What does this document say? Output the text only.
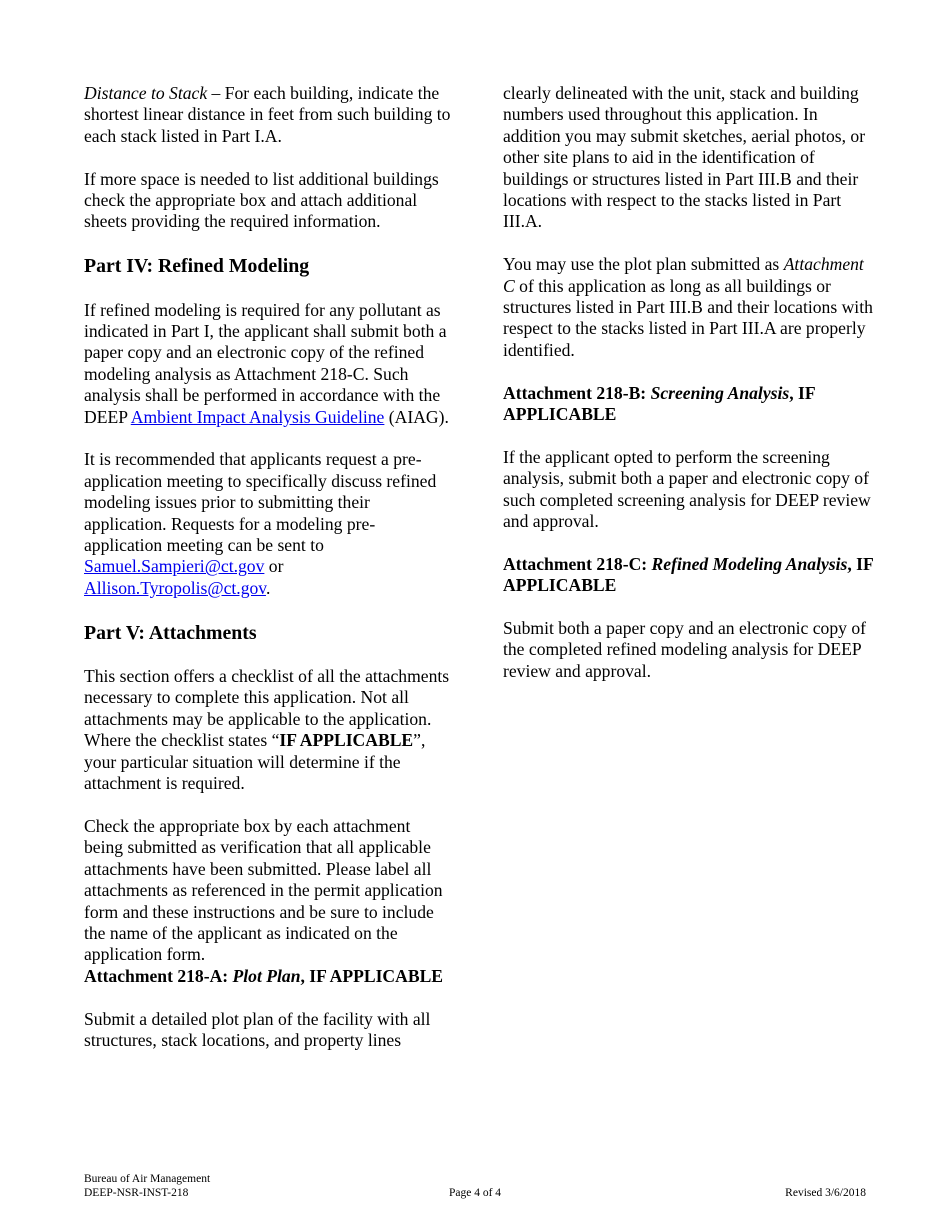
Distance to Stack – For each building, indicate the shortest linear distance in feet from such building to each stack listed in Part I.A.

If more space is needed to list additional buildings check the appropriate box and attach additional sheets providing the required information.

Part IV: Refined Modeling

If refined modeling is required for any pollutant as indicated in Part I, the applicant shall submit both a paper copy and an electronic copy of the refined modeling analysis as Attachment 218-C. Such analysis shall be performed in accordance with the DEEP Ambient Impact Analysis Guideline (AIAG).

It is recommended that applicants request a pre-application meeting to specifically discuss refined modeling issues prior to submitting their application. Requests for a modeling pre-application meeting can be sent to Samuel.Sampieri@ct.gov or Allison.Tyropolis@ct.gov.

Part V: Attachments

This section offers a checklist of all the attachments necessary to complete this application. Not all attachments may be applicable to the application. Where the checklist states “IF APPLICABLE”, your particular situation will determine if the attachment is required.

Check the appropriate box by each attachment being submitted as verification that all applicable attachments have been submitted. Please label all attachments as referenced in the permit application form and these instructions and be sure to include the name of the applicant as indicated on the application form.

Attachment 218-A: Plot Plan, IF APPLICABLE

Submit a detailed plot plan of the facility with all structures, stack locations, and property lines

clearly delineated with the unit, stack and building numbers used throughout this application. In addition you may submit sketches, aerial photos, or other site plans to aid in the identification of buildings or structures listed in Part III.B and their locations with respect to the stacks listed in Part III.A.

You may use the plot plan submitted as Attachment C of this application as long as all buildings or structures listed in Part III.B and their locations with respect to the stacks listed in Part III.A are properly identified.

Attachment 218-B: Screening Analysis, IF APPLICABLE

If the applicant opted to perform the screening analysis, submit both a paper and electronic copy of such completed screening analysis for DEEP review and approval.

Attachment 218-C: Refined Modeling Analysis, IF APPLICABLE

Submit both a paper copy and an electronic copy of the completed refined modeling analysis for DEEP review and approval.

Bureau of Air Management
DEEP-NSR-INST-218	Page 4 of 4	Revised 3/6/2018
